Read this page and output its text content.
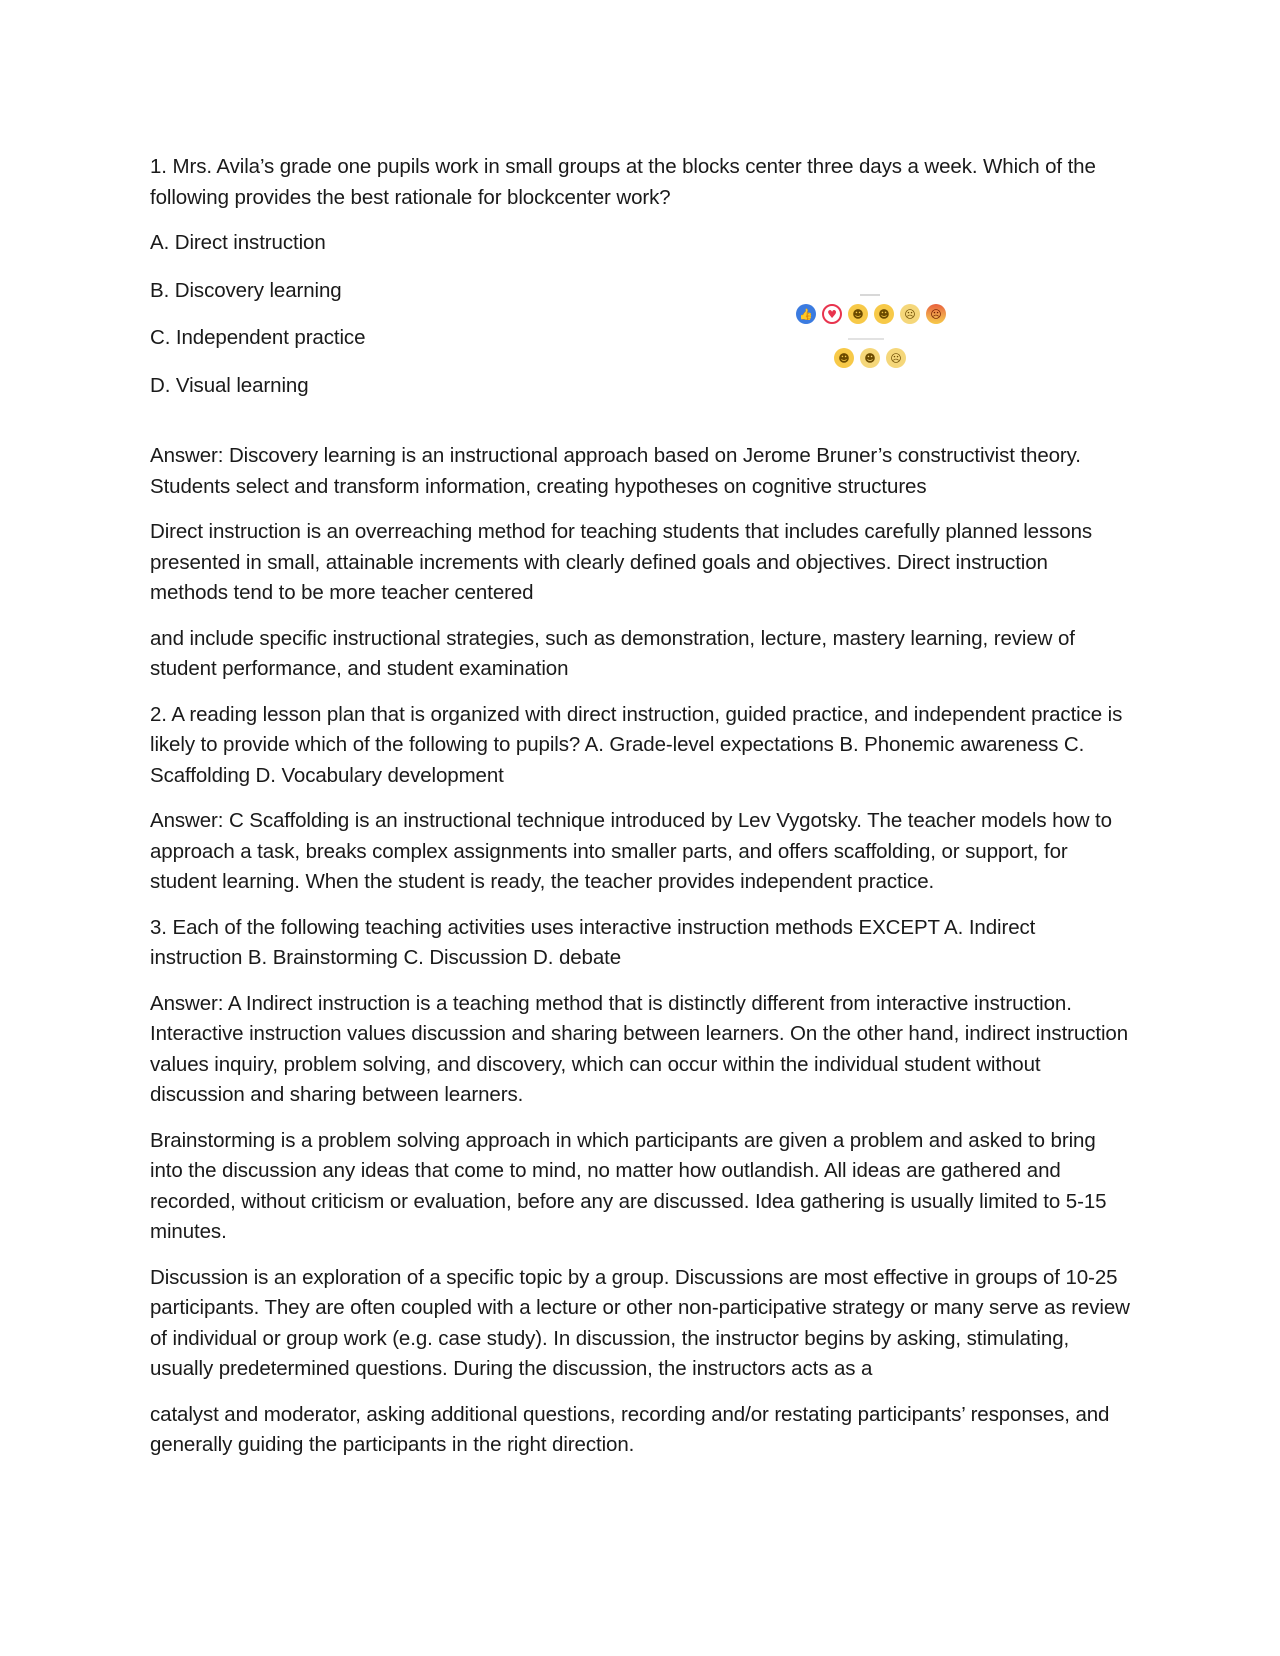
1. Mrs. Avila’s grade one pupils work in small groups at the blocks center three days a week. Which of the following provides the best rationale for blockcenter work?

A. Direct instruction

B. Discovery learning

C. Independent practice

D. Visual learning

Answer: Discovery learning is an instructional approach based on Jerome Bruner’s constructivist theory. Students select and transform information, creating hypotheses on cognitive structures

Direct instruction is an overreaching method for teaching students that includes carefully planned lessons presented in small, attainable increments with clearly defined goals and objectives. Direct instruction methods tend to be more teacher centered

and include specific instructional strategies, such as demonstration, lecture, mastery learning, review of student performance, and student examination

2. A reading lesson plan that is organized with direct instruction, guided practice, and independent practice is likely to provide which of the following to pupils? A. Grade-level expectations B. Phonemic awareness C. Scaffolding D. Vocabulary development

Answer: C Scaffolding is an instructional technique introduced by Lev Vygotsky. The teacher models how to approach a task, breaks complex assignments into smaller parts, and offers scaffolding, or support, for student learning. When the student is ready, the teacher provides independent practice.

3. Each of the following teaching activities uses interactive instruction methods EXCEPT A. Indirect instruction B. Brainstorming C. Discussion D. debate

Answer: A Indirect instruction is a teaching method that is distinctly different from interactive instruction. Interactive instruction values discussion and sharing between learners. On the other hand, indirect instruction values inquiry, problem solving, and discovery, which can occur within the individual student without discussion and sharing between learners.

Brainstorming is a problem solving approach in which participants are given a problem and asked to bring into the discussion any ideas that come to mind, no matter how outlandish. All ideas are gathered and recorded, without criticism or evaluation, before any are discussed. Idea gathering is usually limited to 5-15 minutes.

Discussion is an exploration of a specific topic by a group. Discussions are most effective in groups of 10-25 participants. They are often coupled with a lecture or other non-participative strategy or many serve as review of individual or group work (e.g. case study). In discussion, the instructor begins by asking, stimulating, usually predetermined questions. During the discussion, the instructors acts as a

catalyst and moderator, asking additional questions, recording and/or restating participants’ responses, and generally guiding the participants in the right direction.

👍	♥	☻	☻	☹	☹
☻	☻	☹
